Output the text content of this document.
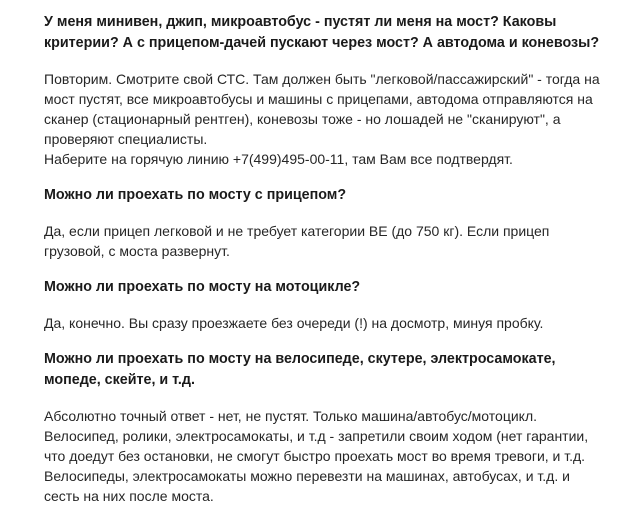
У меня минивен, джип, микроавтобус - пустят ли меня на мост? Каковы критерии? А с прицепом-дачей пускают через мост? А автодома и коневозы?

Повторим. Смотрите свой СТС. Там должен быть "легковой/пассажирский" - тогда на мост пустят, все микроавтобусы и машины с прицепами, автодома отправляются на сканер (стационарный рентген), коневозы тоже - но лошадей не "сканируют", а проверяют специалисты.
Наберите на горячую линию +7(499)495-00-11, там Вам все подтвердят.

Можно ли проехать по мосту с прицепом?

Да, если прицеп легковой и не требует категории BE (до 750 кг). Если прицеп грузовой, с моста развернут.

Можно ли проехать по мосту на мотоцикле?

Да, конечно. Вы сразу проезжаете без очереди (!) на досмотр, минуя пробку.

Можно ли проехать по мосту на велосипеде, скутере, электросамокате, мопеде, скейте, и т.д.

Абсолютно точный ответ - нет, не пустят. Только машина/автобус/мотоцикл. Велосипед, ролики, электросамокаты, и т.д - запретили своим ходом (нет гарантии, что доедут без остановки, не смогут быстро проехать мост во время тревоги, и т.д. Велосипеды, электросамокаты можно перевезти на машинах, автобусах, и т.д. и сесть на них после моста.
